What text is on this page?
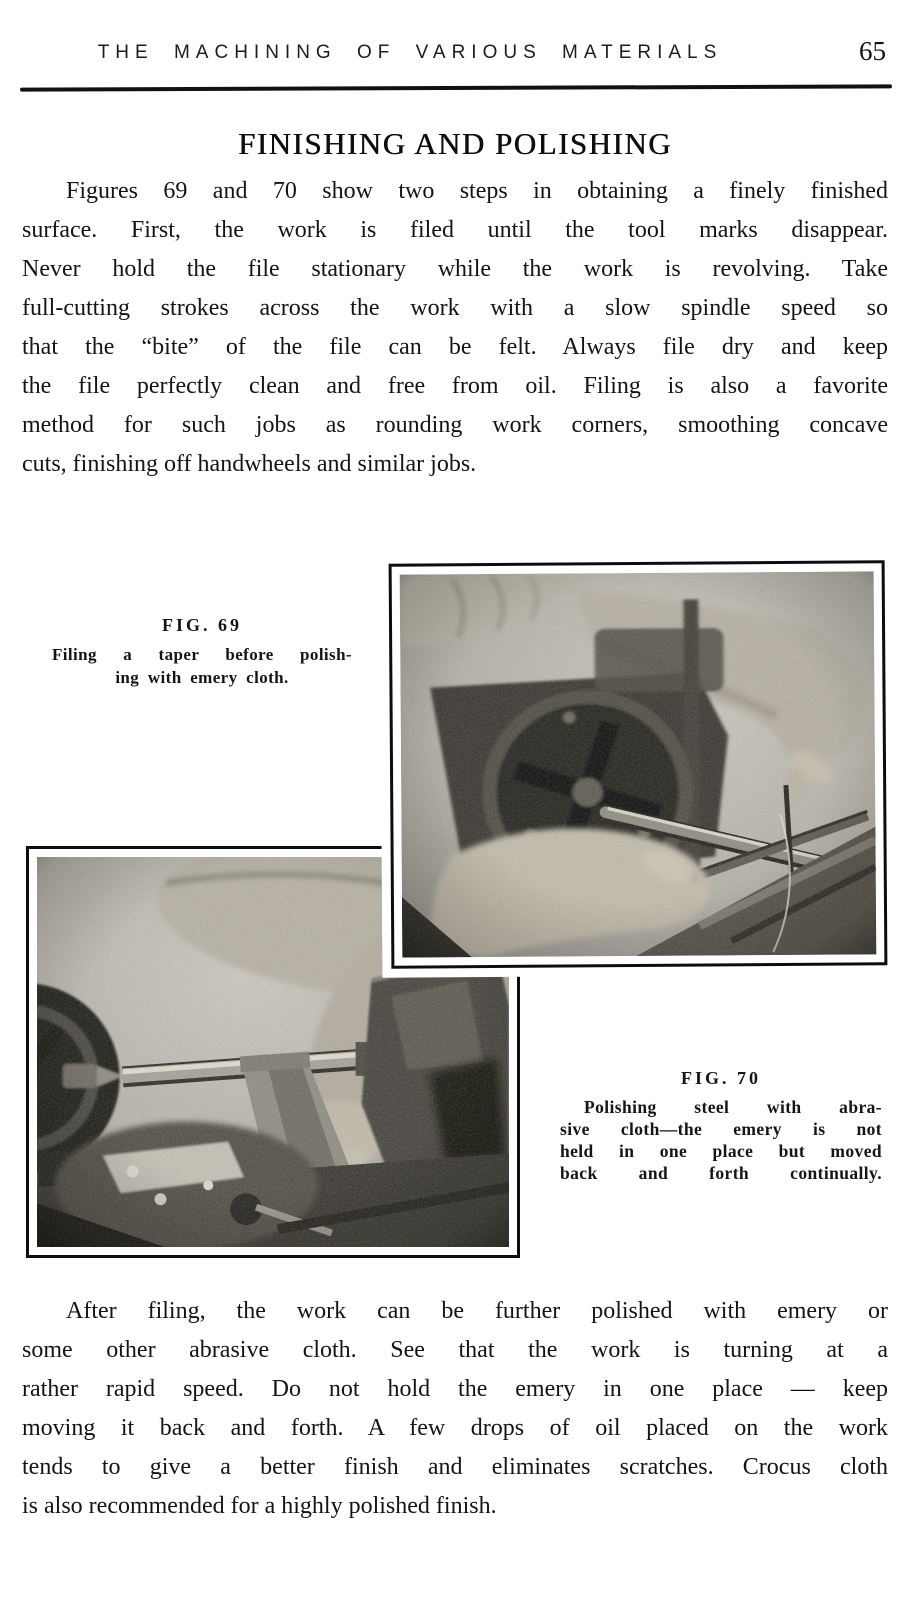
THE MACHINING OF VARIOUS MATERIALS	65
FINISHING AND POLISHING
Figures 69 and 70 show two steps in obtaining a finely finished
surface. First, the work is filed until the tool marks disappear.
Never hold the file stationary while the work is revolving. Take
full-cutting strokes across the work with a slow spindle speed so
that the “bite” of the file can be felt. Always file dry and keep
the file perfectly clean and free from oil. Filing is also a favorite
method for such jobs as rounding work corners, smoothing concave
cuts, finishing off handwheels and similar jobs.
FIG. 69
Filing a taper before polish-
ing with emery cloth.
FIG. 70
Polishing steel with abra-
sive cloth—the emery is not
held in one place but moved
back and forth continually.
After filing, the work can be further polished with emery or
some other abrasive cloth. See that the work is turning at a
rather rapid speed. Do not hold the emery in one place — keep
moving it back and forth. A few drops of oil placed on the work
tends to give a better finish and eliminates scratches. Crocus cloth
is also recommended for a highly polished finish.
